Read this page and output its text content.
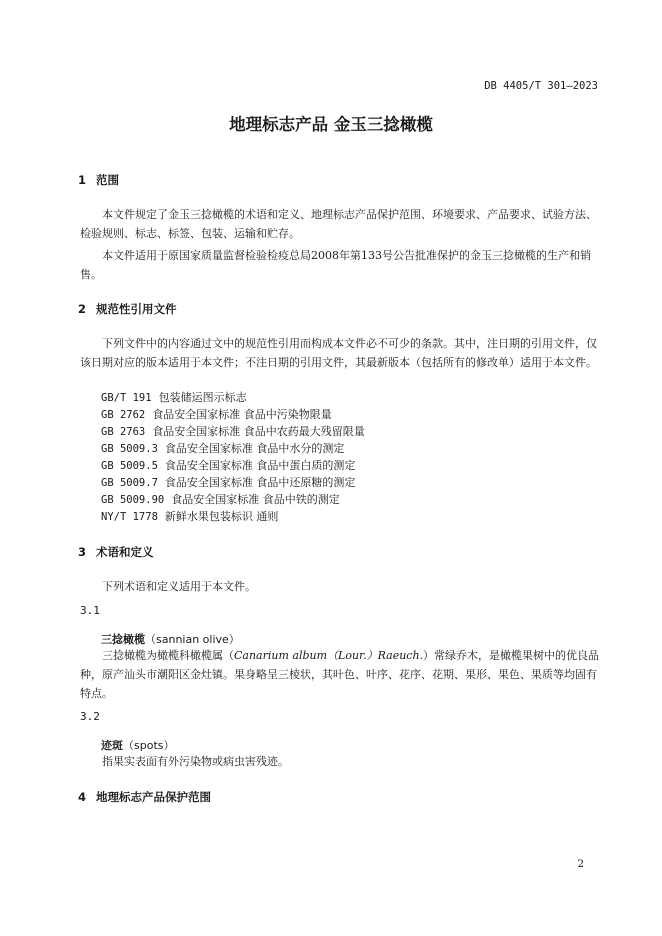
DB 4405/T 301—2023
地理标志产品 金玉三捻橄榄
1 范围
本文件规定了金玉三捻橄榄的术语和定义、地理标志产品保护范围、环境要求、产品要求、试验方法、检验规则、标志、标签、包装、运输和贮存。
本文件适用于原国家质量监督检验检疫总局2008年第133号公告批准保护的金玉三捻橄榄的生产和销售。
2 规范性引用文件
下列文件中的内容通过文中的规范性引用而构成本文件必不可少的条款。其中，注日期的引用文件，仅该日期对应的版本适用于本文件；不注日期的引用文件，其最新版本（包括所有的修改单）适用于本文件。
GB/T 191 包装储运图示标志
GB 2762 食品安全国家标准 食品中污染物限量
GB 2763 食品安全国家标准 食品中农药最大残留限量
GB 5009.3 食品安全国家标准 食品中水分的测定
GB 5009.5 食品安全国家标准 食品中蛋白质的测定
GB 5009.7 食品安全国家标准 食品中还原糖的测定
GB 5009.90 食品安全国家标准 食品中铁的测定
NY/T 1778 新鲜水果包装标识 通则
3 术语和定义
下列术语和定义适用于本文件。
3.1
三捻橄榄（sannian olive）
三捻橄榄为橄榄科橄榄属（Canarium album（Lour.）Raeuch.）常绿乔木，是橄榄果树中的优良品种，原产汕头市潮阳区金灶镇。果身略呈三棱状，其叶色、叶序、花序、花期、果形、果色、果质等均固有特点。
3.2
迹斑（spots）
指果实表面有外污染物或病虫害残迹。
4 地理标志产品保护范围
2
